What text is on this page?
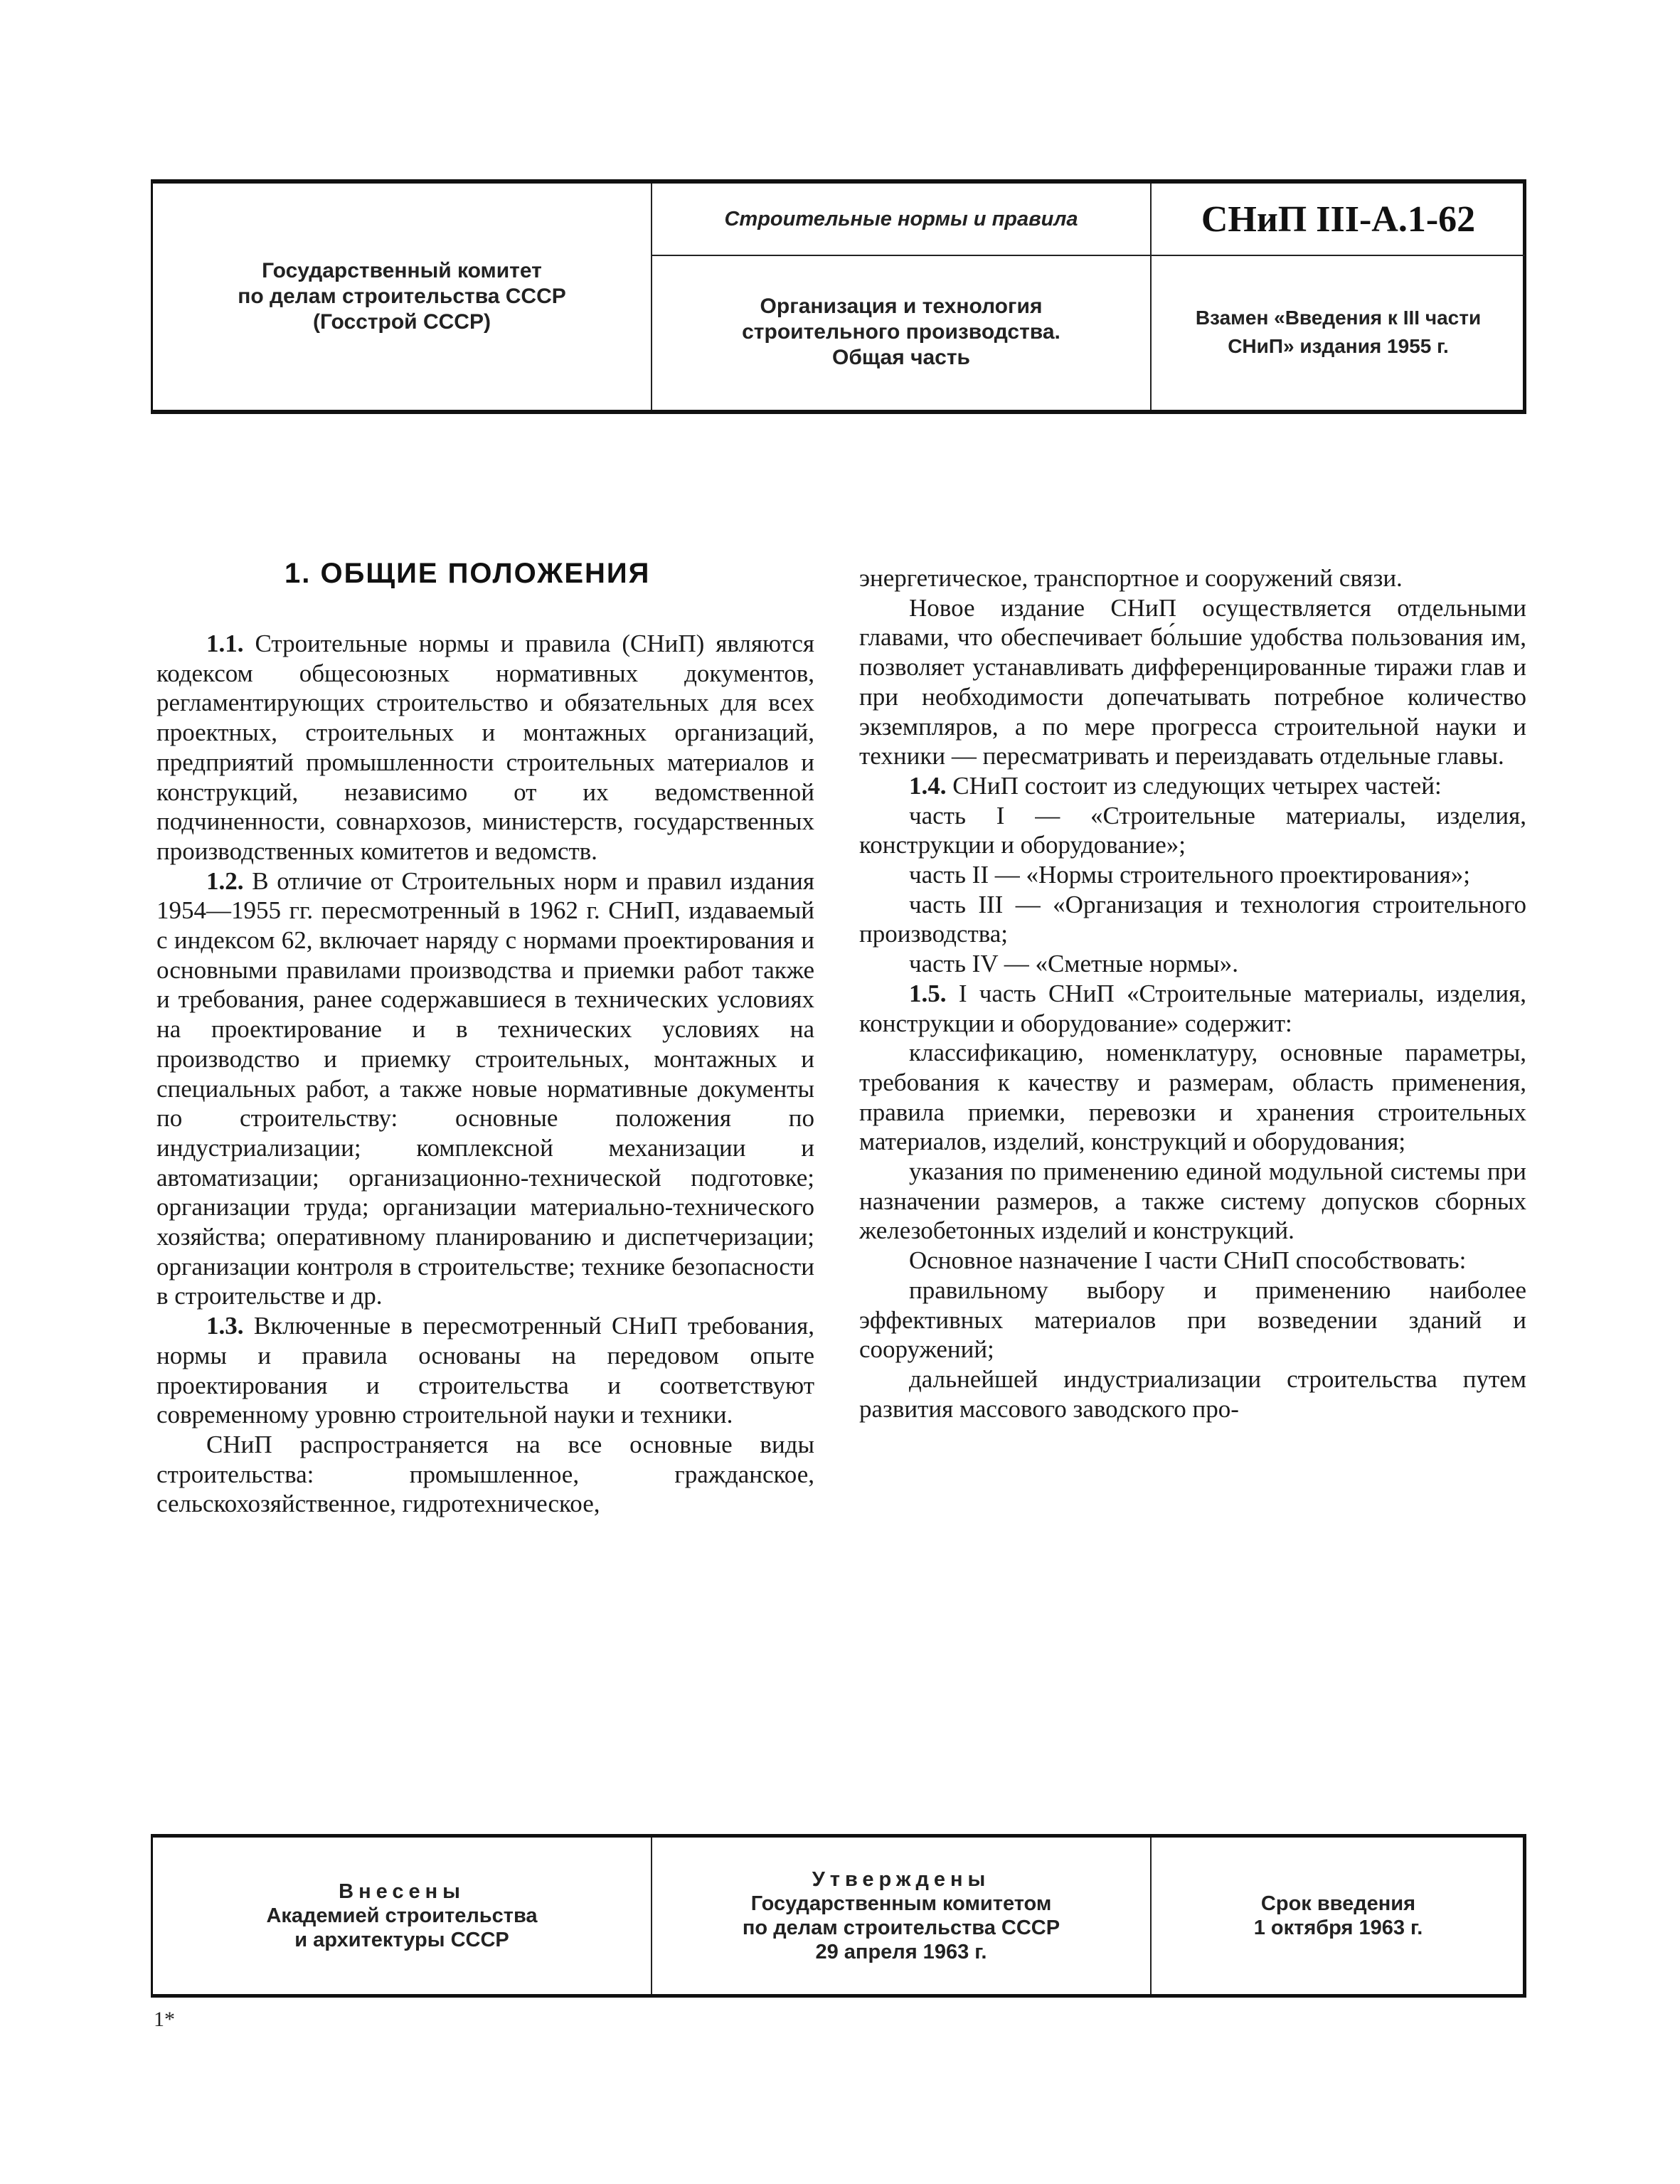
Государственный комитет
по делам строительства СССР
(Госстрой СССР)
Строительные нормы и правила
Организация и технология
строительного производства.
Общая часть
СНиП III-А.1-62
Взамен «Введения к III части
СНиП» издания 1955 г.
1. ОБЩИЕ ПОЛОЖЕНИЯ

1.1. Строительные нормы и правила (СНиП) являются кодексом общесоюзных нормативных документов, регламентирующих строительство и обязательных для всех проектных, строительных и монтажных организаций, предприятий промышленности строительных материалов и конструкций, независимо от их ведомственной подчиненности, совнархозов, министерств, государственных производственных комитетов и ведомств.

1.2. В отличие от Строительных норм и правил издания 1954—1955 гг. пересмотренный в 1962 г. СНиП, издаваемый с индексом 62, включает наряду с нормами проектирования и основными правилами производства и приемки работ также и требования, ранее содержавшиеся в технических условиях на проектирование и в технических условиях на производство и приемку строительных, монтажных и специальных работ, а также новые нормативные документы по строительству: основные положения по индустриализации; комплексной механизации и автоматизации; организационно-технической подготовке; организации труда; организации материально-технического хозяйства; оперативному планированию и диспетчеризации; организации контроля в строительстве; технике безопасности в строительстве и др.

1.3. Включенные в пересмотренный СНиП требования, нормы и правила основаны на передовом опыте проектирования и строительства и соответствуют современному уровню строительной науки и техники.

СНиП распространяется на все основные виды строительства: промышленное, гражданское, сельскохозяйственное, гидротехническое,

энергетическое, транспортное и сооружений связи.

Новое издание СНиП осуществляется отдельными главами, что обеспечивает бо́льшие удобства пользования им, позволяет устанавливать дифференцированные тиражи глав и при необходимости допечатывать потребное количество экземпляров, а по мере прогресса строительной науки и техники — пересматривать и переиздавать отдельные главы.

1.4. СНиП состоит из следующих четырех частей:

часть I — «Строительные материалы, изделия, конструкции и оборудование»;

часть II — «Нормы строительного проектирования»;

часть III — «Организация и технология строительного производства;

часть IV — «Сметные нормы».

1.5. I часть СНиП «Строительные материалы, изделия, конструкции и оборудование» содержит:

классификацию, номенклатуру, основные параметры, требования к качеству и размерам, область применения, правила приемки, перевозки и хранения строительных материалов, изделий, конструкций и оборудования;

указания по применению единой модульной системы при назначении размеров, а также систему допусков сборных железобетонных изделий и конструкций.

Основное назначение I части СНиП способствовать:

правильному выбору и применению наиболее эффективных материалов при возведении зданий и сооружений;

дальнейшей индустриализации строительства путем развития массового заводского про-

Внесены
Академией строительства
и архитектуры СССР
Утверждены
Государственным комитетом
по делам строительства СССР
29 апреля 1963 г.
Срок введения
1 октября 1963 г.
1*
